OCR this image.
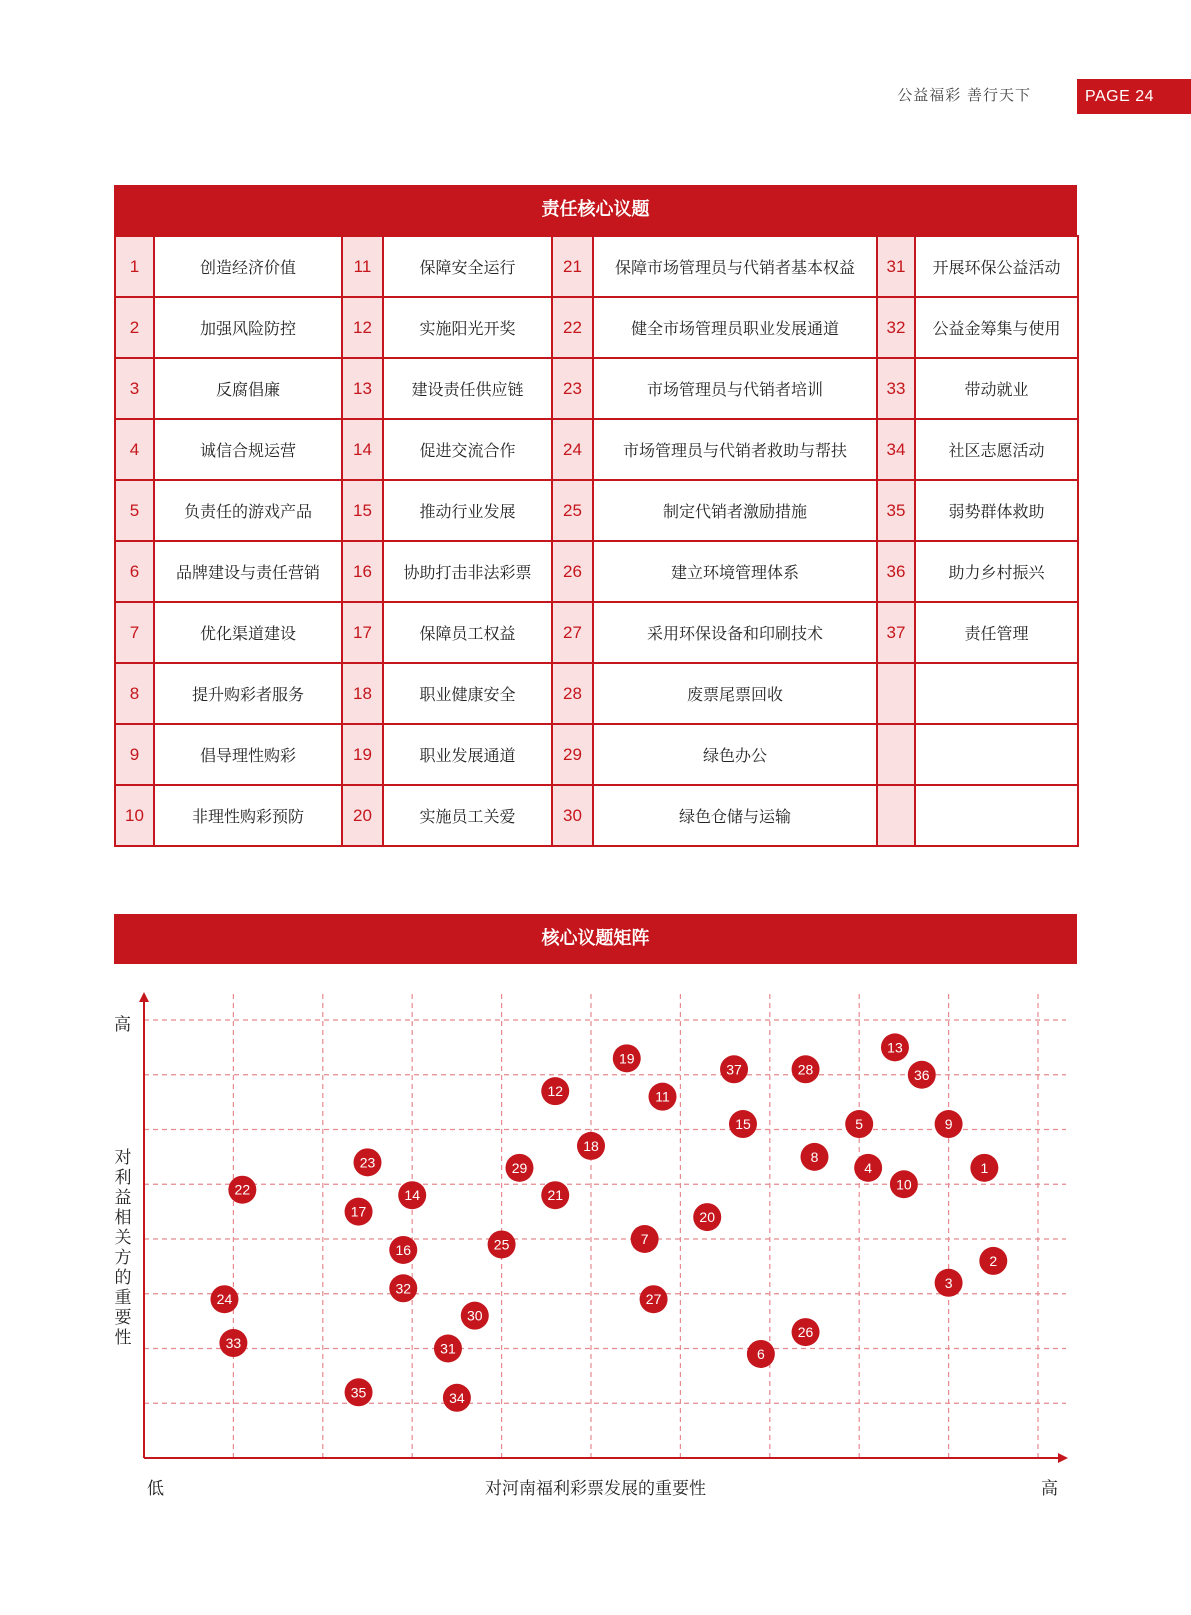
公益福彩 善行天下	PAGE 24
责任核心议题
1	创造经济价值	11	保障安全运行	21	保障市场管理员与代销者基本权益	31	开展环保公益活动
2	加强风险防控	12	实施阳光开奖	22	健全市场管理员职业发展通道	32	公益金筹集与使用
3	反腐倡廉	13	建设责任供应链	23	市场管理员与代销者培训	33	带动就业
4	诚信合规运营	14	促进交流合作	24	市场管理员与代销者救助与帮扶	34	社区志愿活动
5	负责任的游戏产品	15	推动行业发展	25	制定代销者激励措施	35	弱势群体救助
6	品牌建设与责任营销	16	协助打击非法彩票	26	建立环境管理体系	36	助力乡村振兴
7	优化渠道建设	17	保障员工权益	27	采用环保设备和印刷技术	37	责任管理
8	提升购彩者服务	18	职业健康安全	28	废票尾票回收		
9	倡导理性购彩	19	职业发展通道	29	绿色办公		
10	非理性购彩预防	20	实施员工关爱	30	绿色仓储与运输		
核心议题矩阵
1
2
3
4
5
6
7
8
9
10
11
12
13
14
15
16
17
18
19
20
21
22
23
24
25
26
27
28
29
30
31
32
33
34
35
36
37
高
对利益相关方的重要性
低	对河南福利彩票发展的重要性	高
